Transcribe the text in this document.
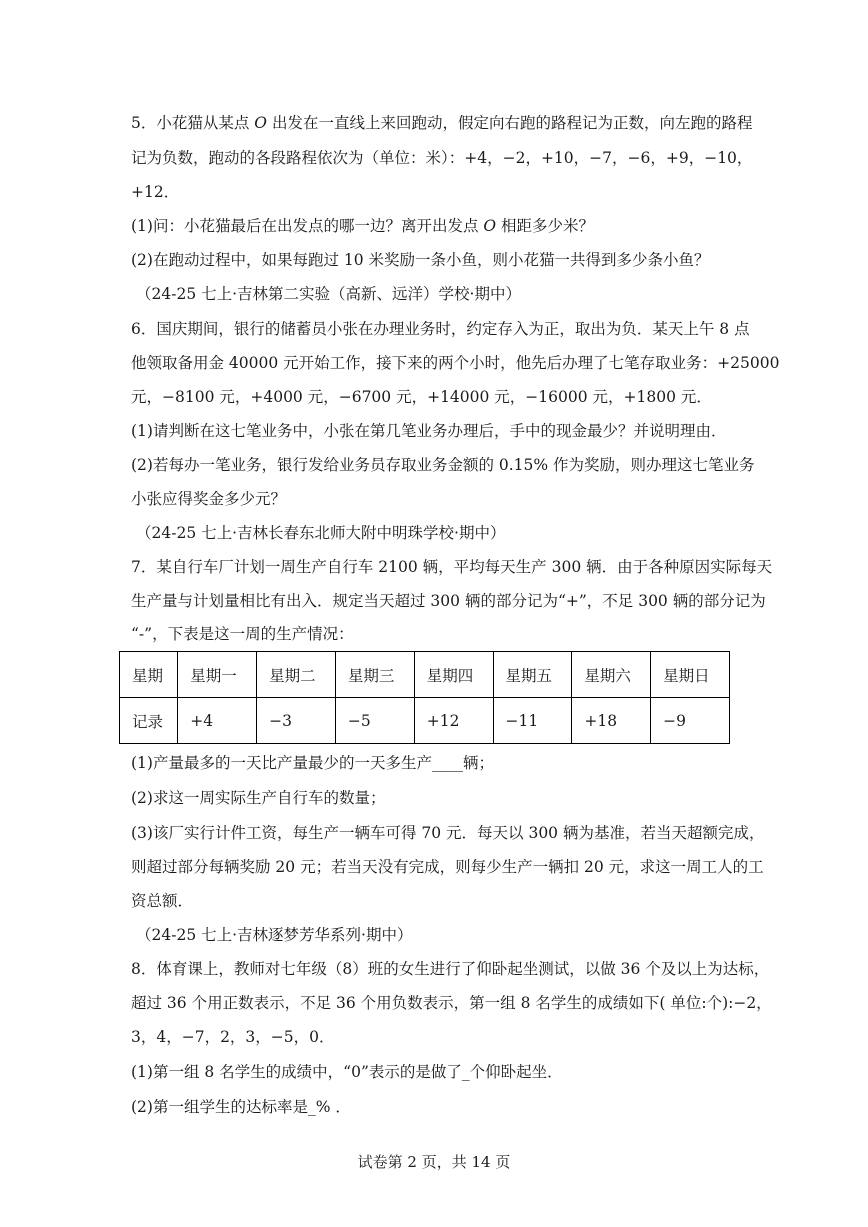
5．小花猫从某点 O 出发在一直线上来回跑动，假定向右跑的路程记为正数，向左跑的路程
记为负数，跑动的各段路程依次为（单位：米）：+4，−2，+10，−7，−6，+9，−10，
+12．
(1)问：小花猫最后在出发点的哪一边？离开出发点 O 相距多少米？
(2)在跑动过程中，如果每跑过 10 米奖励一条小鱼，则小花猫一共得到多少条小鱼？
（24-25 七上·吉林第二实验（高新、远洋）学校·期中）
6．国庆期间，银行的储蓄员小张在办理业务时，约定存入为正，取出为负．某天上午 8 点
他领取备用金 40000 元开始工作，接下来的两个小时，他先后办理了七笔存取业务：+25000
元，−8100 元，+4000 元，−6700 元，+14000 元，−16000 元，+1800 元．
(1)请判断在这七笔业务中，小张在第几笔业务办理后，手中的现金最少？并说明理由．
(2)若每办一笔业务，银行发给业务员存取业务金额的 0.15% 作为奖励，则办理这七笔业务
小张应得奖金多少元？
（24-25 七上·吉林长春东北师大附中明珠学校·期中）
7．某自行车厂计划一周生产自行车 2100 辆，平均每天生产 300 辆．由于各种原因实际每天
生产量与计划量相比有出入．规定当天超过 300 辆的部分记为“+”，不足 300 辆的部分记为
“-”，下表是这一周的生产情况：
星期	星期一	星期二	星期三	星期四	星期五	星期六	星期日
记录	+4	−3	−5	+12	−11	+18	−9
(1)产量最多的一天比产量最少的一天多生产____辆；
(2)求这一周实际生产自行车的数量；
(3)该厂实行计件工资，每生产一辆车可得 70 元．每天以 300 辆为基准，若当天超额完成，
则超过部分每辆奖励 20 元；若当天没有完成，则每少生产一辆扣 20 元，求这一周工人的工
资总额．
（24-25 七上·吉林逐梦芳华系列·期中）
8．体育课上，教师对七年级（8）班的女生进行了仰卧起坐测试，以做 36 个及以上为达标，
超过 36 个用正数表示，不足 36 个用负数表示，第一组 8 名学生的成绩如下( 单位:个):−2，
3，4，−7，2，3，−5，0．
(1)第一组 8 名学生的成绩中，“0”表示的是做了_个仰卧起坐．
(2)第一组学生的达标率是_% ．
试卷第 2 页，共 14 页
